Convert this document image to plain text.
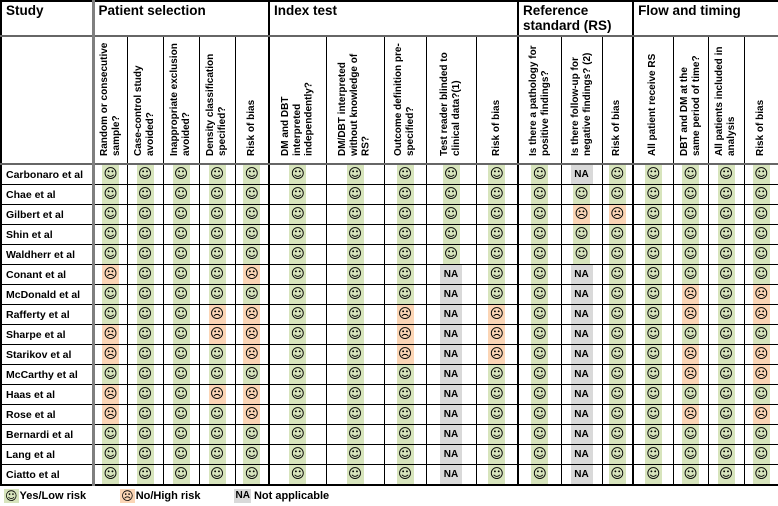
Study	Patient selection					Index test					Reference standard (RS)			Flow and timing			
	Random or consecutive sample?	Case-control study avoided?	Inappropriate exclusion avoided?	Density classification specified?	Risk of bias	DM and DBT interpreted independently?	DM/DBT interpreted without knowledge of RS?	Outcome definition pre-specified?	Test reader blinded to clinical data?(1)	Risk of bias	Is there a pathology for positive findings?	Is there follow-up for negative findings? (2)	Risk of bias	All patient receive RS	DBT and DM at the same period of time?	All patients included in analysis	Risk of bias
Carbonaro et al	☺	☺	☺	☺	☺	☺	☺	☺	☺	☺	☺	NA	☺	☺	☺	☺	☺

Chae et al	☺	☺	☺	☺	☺	☺	☺	☺	☺	☺	☺	☺	☺	☺	☺	☺	☺

Gilbert et al	☺	☺	☺	☺	☺	☺	☺	☺	☺	☺	☺	☹	☹	☺	☺	☺	☺

Shin et al	☺	☺	☺	☺	☺	☺	☺	☺	☺	☺	☺	☺	☺	☺	☺	☺	☺

Waldherr et al	☺	☺	☺	☺	☺	☺	☺	☺	☺	☺	☺	☺	☺	☺	☺	☺	☺

Conant et al	☹	☺	☺	☺	☹	☺	☺	☺	NA	☺	☺	NA	☺	☺	☺	☺	☺

McDonald et al	☺	☺	☺	☺	☺	☺	☺	☺	NA	☺	☺	NA	☺	☺	☹	☺	☹

Rafferty et al	☺	☺	☺	☹	☹	☺	☺	☹	NA	☹	☺	NA	☺	☺	☹	☺	☹

Sharpe et al	☹	☺	☺	☹	☹	☺	☺	☹	NA	☹	☺	NA	☺	☺	☺	☺	☺

Starikov et al	☹	☺	☺	☺	☹	☺	☺	☹	NA	☹	☺	NA	☺	☺	☹	☺	☹

McCarthy et al	☺	☺	☺	☺	☺	☺	☺	☺	NA	☺	☺	NA	☺	☺	☹	☺	☹

Haas et al	☹	☺	☺	☹	☹	☺	☺	☺	NA	☺	☺	NA	☺	☺	☺	☺	☺

Rose et al	☹	☺	☺	☺	☹	☺	☺	☺	NA	☺	☺	NA	☺	☺	☹	☺	☹

Bernardi et al	☺	☺	☺	☺	☺	☺	☺	☺	NA	☺	☺	NA	☺	☺	☺	☺	☺

Lang et al	☺	☺	☺	☺	☺	☺	☺	☺	NA	☺	☺	NA	☺	☺	☺	☺	☺

Ciatto et al	☺	☺	☺	☺	☺	☺	☺	☺	NA	☺	☺	NA	☺	☺	☺	☺	☺
☺ Yes/Low risk	☹ No/High risk	NA Not applicable
